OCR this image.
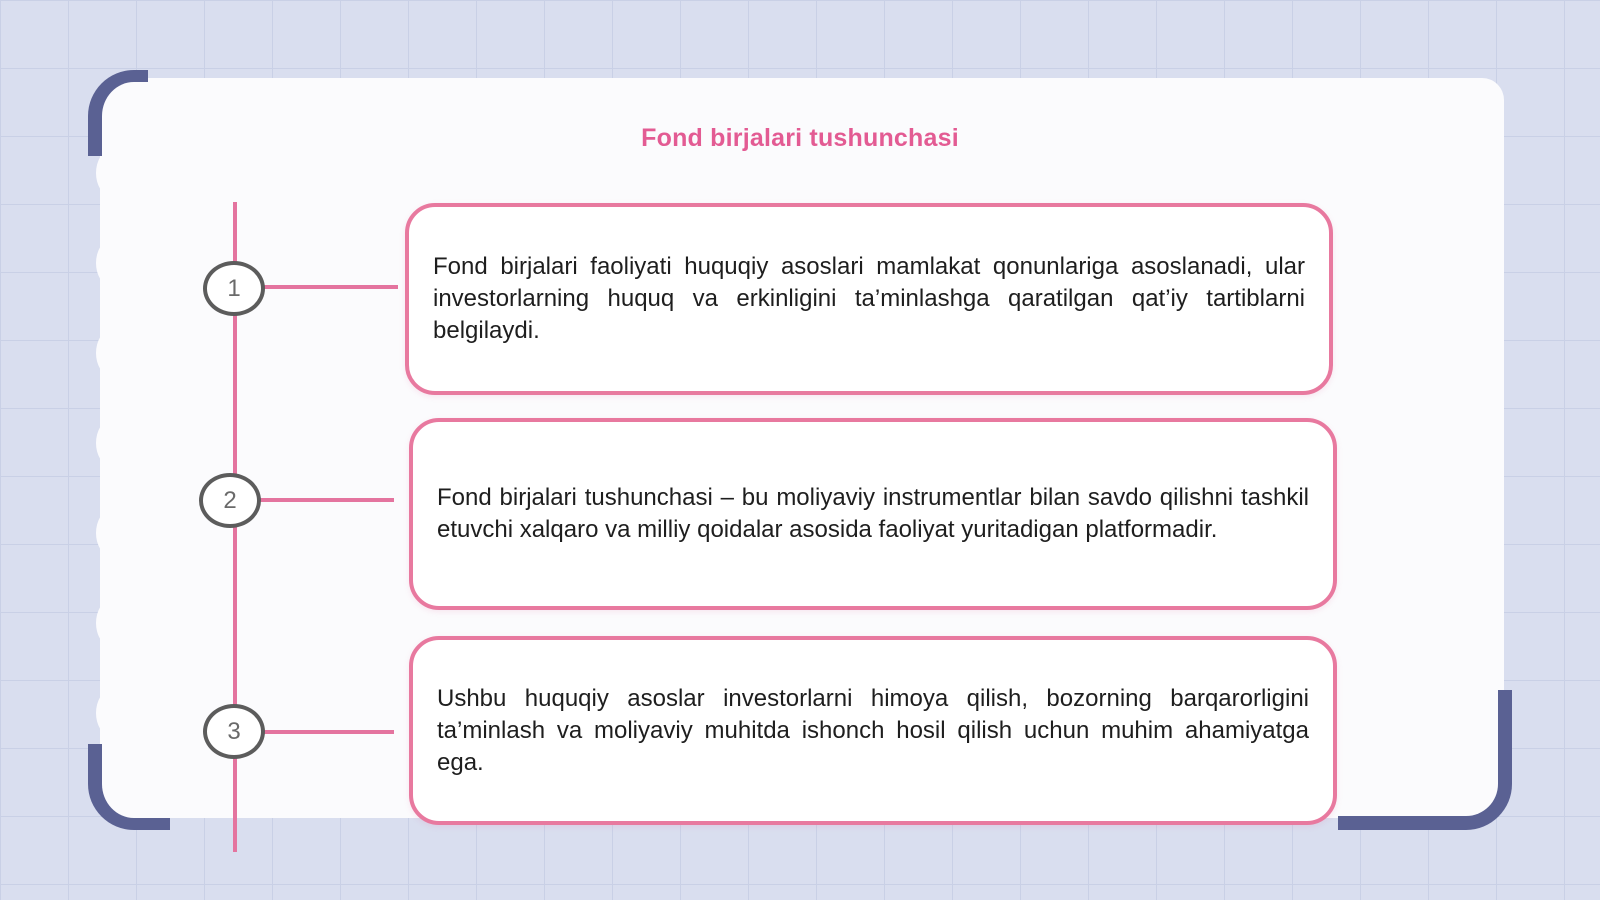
Fond birjalari tushunchasi
1

Fond birjalari faoliyati huquqiy asoslari mamlakat qonunlariga asoslanadi, ular investorlarning huquq va erkinligini ta’minlashga qaratilgan qat’iy tartiblarni belgilaydi.

2	Fond birjalari tushunchasi – bu moliyaviy instrumentlar bilan savdo qilishni tashkil etuvchi xalqaro va milliy qoidalar asosida faoliyat yuritadigan platformadir.

3

Ushbu huquqiy asoslar investorlarni himoya qilish, bozorning barqarorligini ta’minlash va moliyaviy muhitda ishonch hosil qilish uchun muhim ahamiyatga ega.
